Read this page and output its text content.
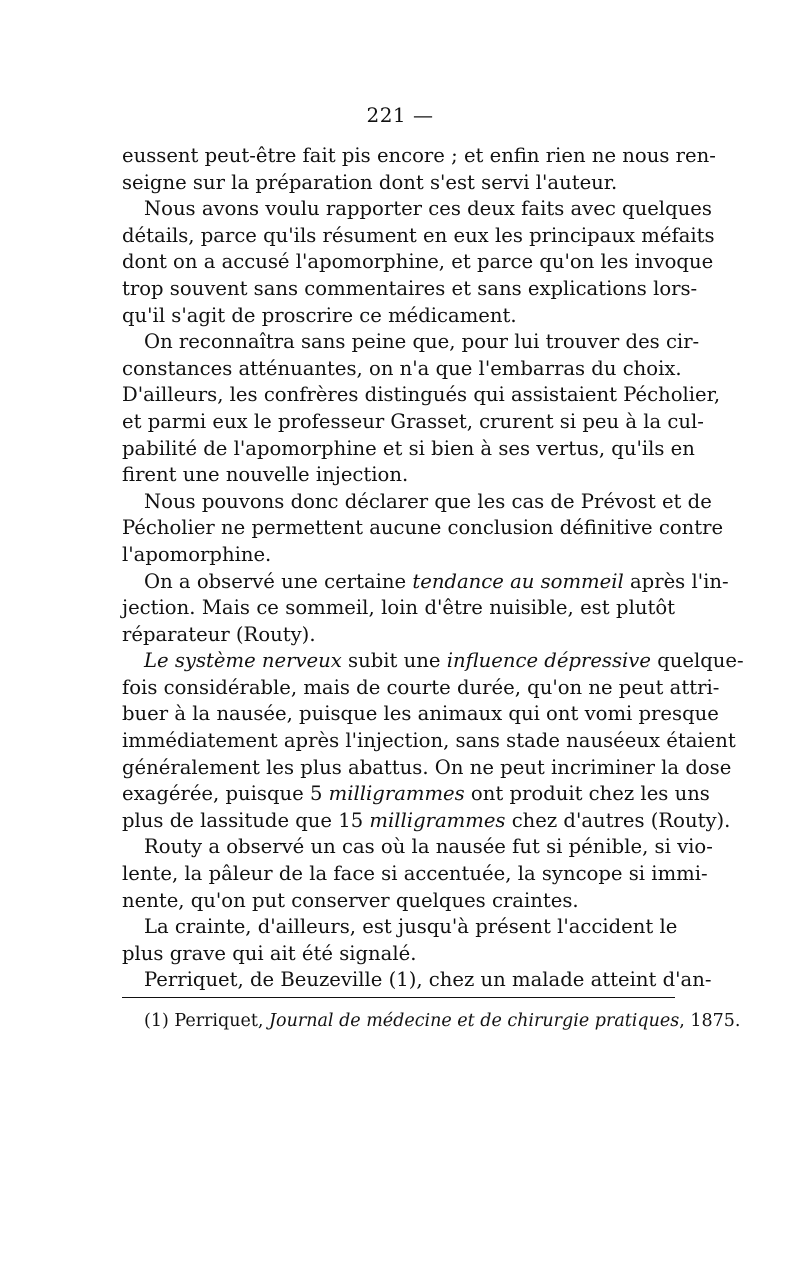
221 —

eussent peut-être fait pis encore ; et enfin rien ne nous ren-
seigne sur la préparation dont s'est servi l'auteur.

Nous avons voulu rapporter ces deux faits avec quelques
détails, parce qu'ils résument en eux les principaux méfaits
dont on a accusé l'apomorphine, et parce qu'on les invoque
trop souvent sans commentaires et sans explications lors-
qu'il s'agit de proscrire ce médicament.

On reconnaîtra sans peine que, pour lui trouver des cir-
constances atténuantes, on n'a que l'embarras du choix.
D'ailleurs, les confrères distingués qui assistaient Pécholier,
et parmi eux le professeur Grasset, crurent si peu à la cul-
pabilité de l'apomorphine et si bien à ses vertus, qu'ils en
firent une nouvelle injection.

Nous pouvons donc déclarer que les cas de Prévost et de
Pécholier ne permettent aucune conclusion définitive contre
l'apomorphine.

On a observé une certaine tendance au sommeil après l'in-
jection. Mais ce sommeil, loin d'être nuisible, est plutôt
réparateur (Routy).

Le système nerveux subit une influence dépressive quelque-
fois considérable, mais de courte durée, qu'on ne peut attri-
buer à la nausée, puisque les animaux qui ont vomi presque
immédiatement après l'injection, sans stade nauséeux étaient
généralement les plus abattus. On ne peut incriminer la dose
exagérée, puisque 5 milligrammes ont produit chez les uns
plus de lassitude que 15 milligrammes chez d'autres (Routy).

Routy a observé un cas où la nausée fut si pénible, si vio-
lente, la pâleur de la face si accentuée, la syncope si immi-
nente, qu'on put conserver quelques craintes.

La crainte, d'ailleurs, est jusqu'à présent l'accident le
plus grave qui ait été signalé.

Perriquet, de Beuzeville (1), chez un malade atteint d'an-

(1) Perriquet, Journal de médecine et de chirurgie pratiques, 1875.
